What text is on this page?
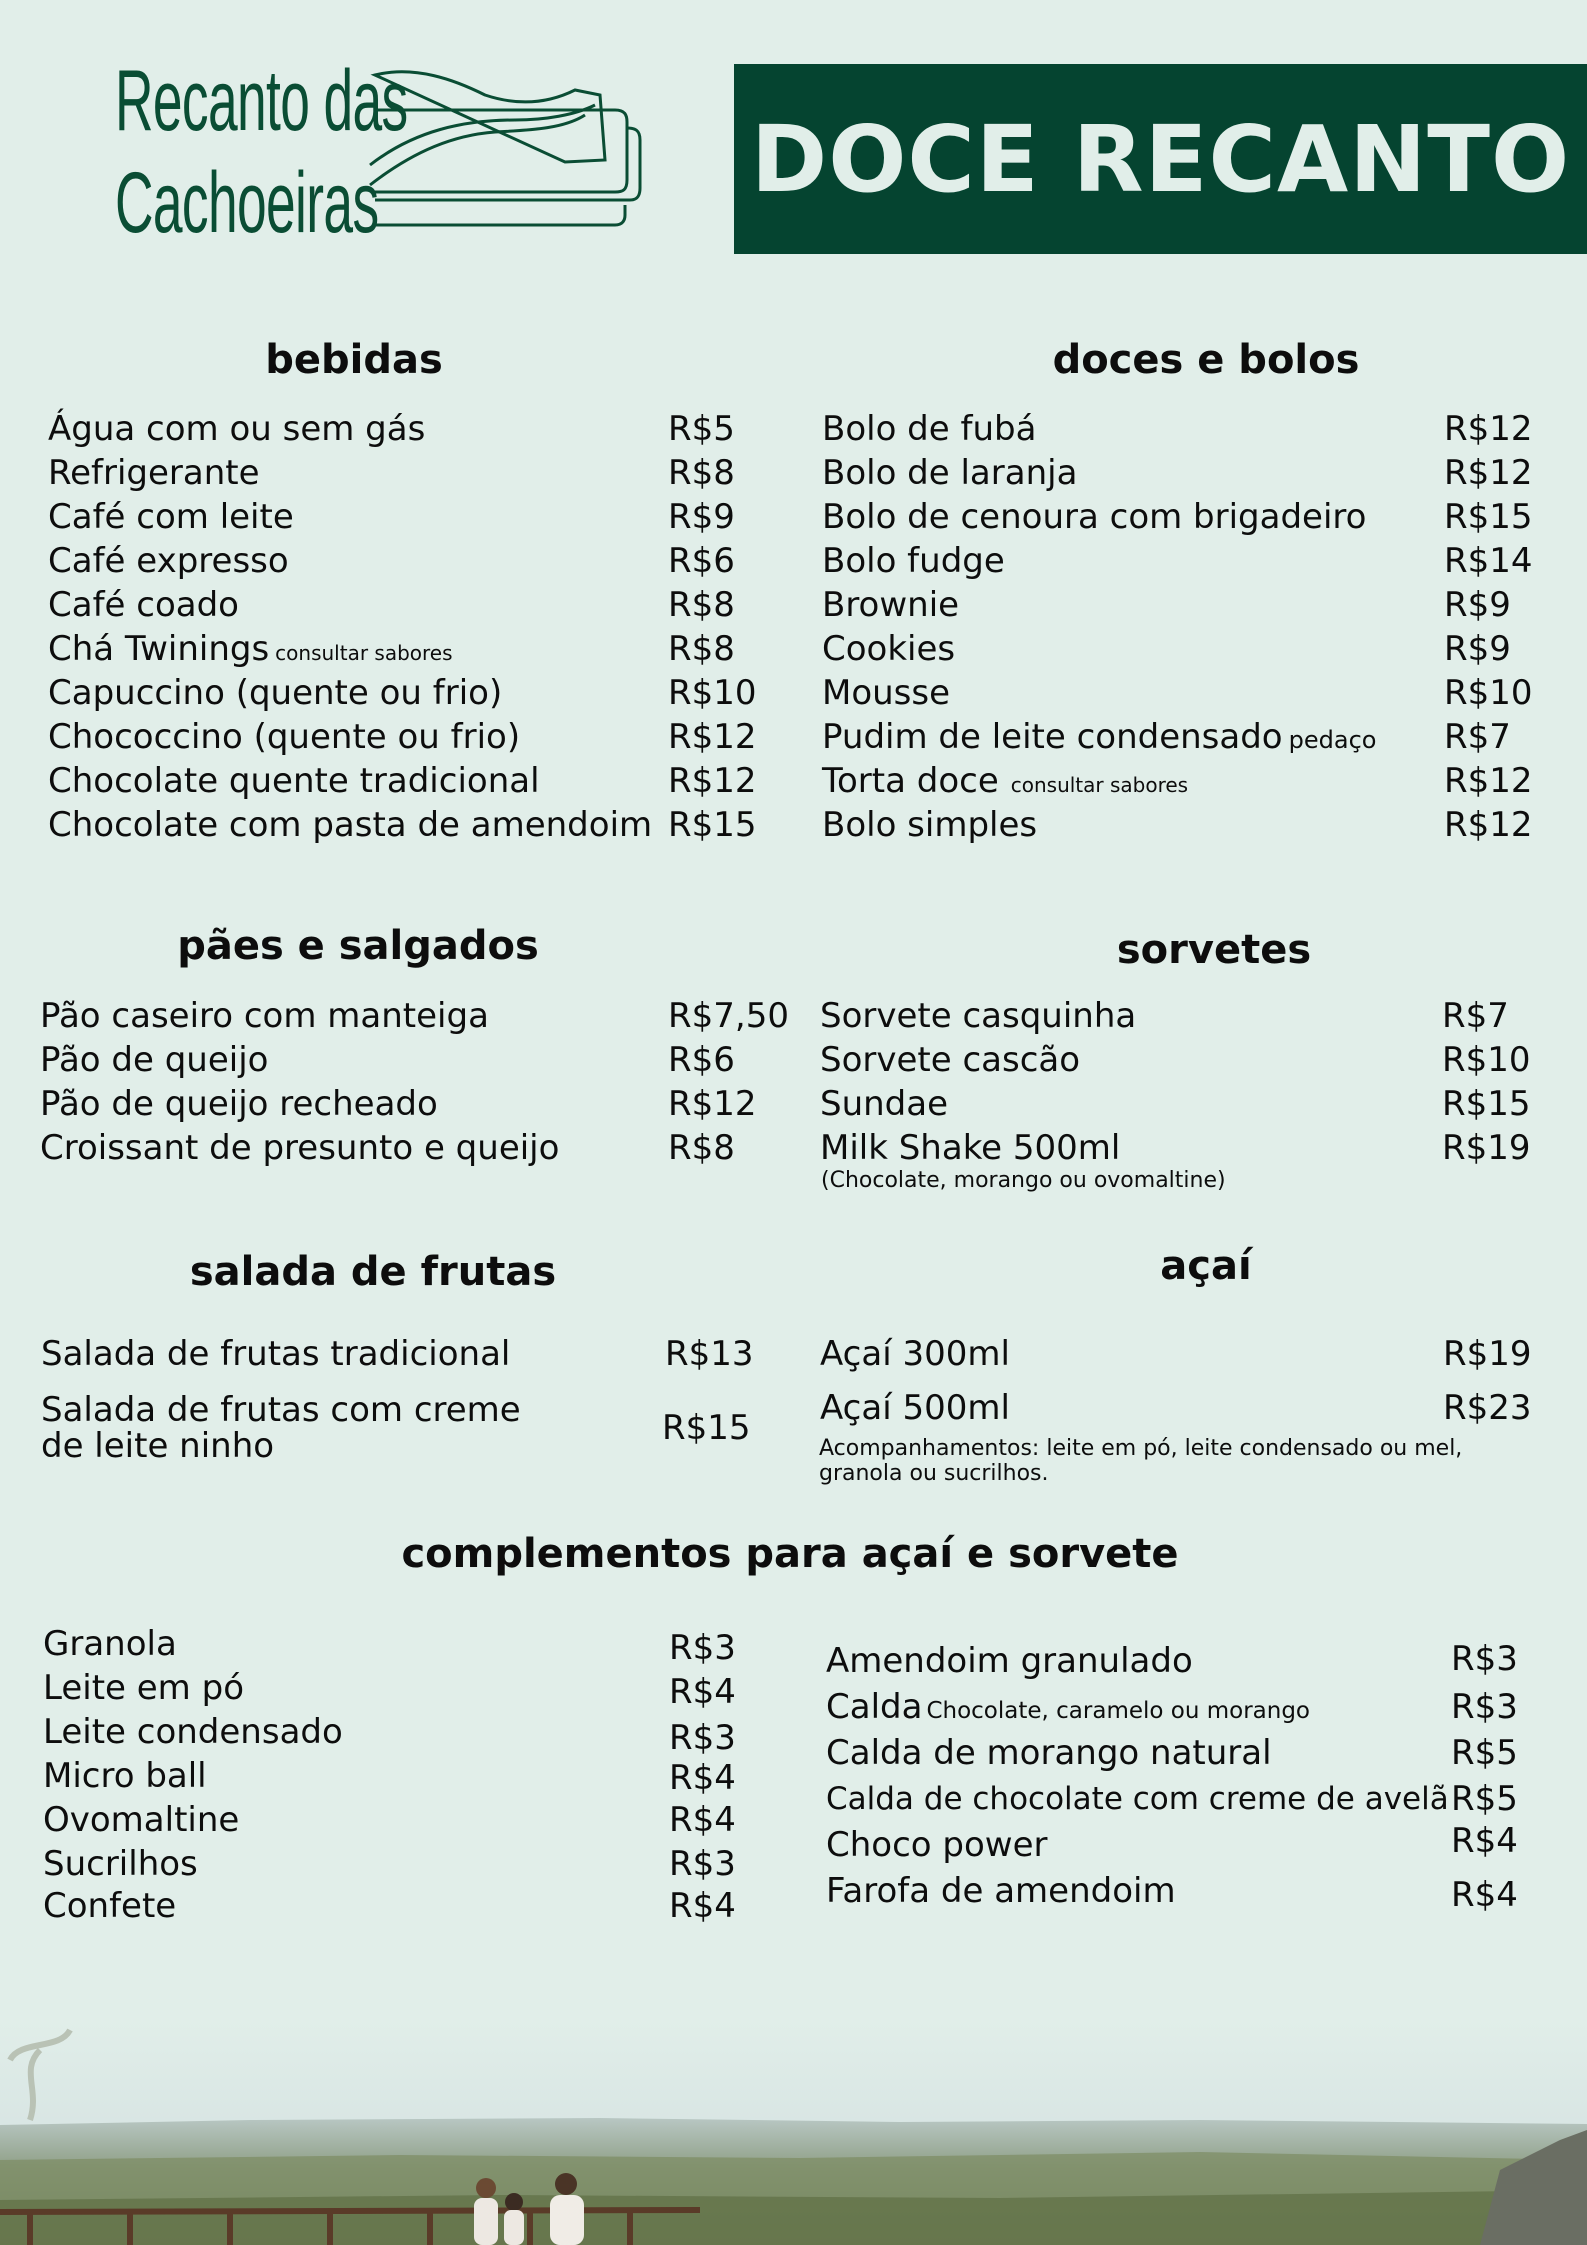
Recanto das
Cachoeiras	DOCE RECANTO
bebidas
Água com ou sem gás	R$5
Refrigerante	R$8
Café com leite	R$9
Café expresso	R$6
Café coado	R$8
Chá Twinings consultar sabores	R$8
Capuccino (quente ou frio)	R$10
Chococcino (quente ou frio)	R$12
Chocolate quente tradicional	R$12
Chocolate com pasta de amendoim R$15
doces e bolos
Bolo de fubá	R$12
Bolo de laranja	R$12
Bolo de cenoura com brigadeiro R$15
Bolo fudge	R$14
Brownie	R$9
Cookies	R$9
Mousse	R$10
Pudim de leite condensado pedaço R$7
Torta doce consultar sabores	R$12
Bolo simples	R$12
pães e salgados
Pão caseiro com manteiga	R$7,50
Pão de queijo	R$6
Pão de queijo recheado	R$12
Croissant de presunto e queijo	R$8
sorvetes
Sorvete casquinha	R$7
Sorvete cascão	R$10
Sundae	R$15
Milk Shake 500ml	R$19
(Chocolate, morango ou ovomaltine)
salada de frutas
Salada de frutas tradicional	R$13
Salada de frutas com creme
de leite ninho	R$15
açaí
Açaí 300ml	R$19
Açaí 500ml	R$23
Acompanhamentos: leite em pó, leite condensado ou mel,
granola ou sucrilhos.
complementos para açaí e sorvete
Granola	R$3
Leite em pó	R$4
Leite condensado	R$3
Micro ball	R$4
Ovomaltine	R$4
Sucrilhos	R$3
Confete	R$4
Amendoim granulado	R$3
Calda Chocolate, caramelo ou morango	R$3
Calda de morango natural	R$5
Calda de chocolate com creme de avelã R$5
Choco power	R$4
Farofa de amendoim	R$4
